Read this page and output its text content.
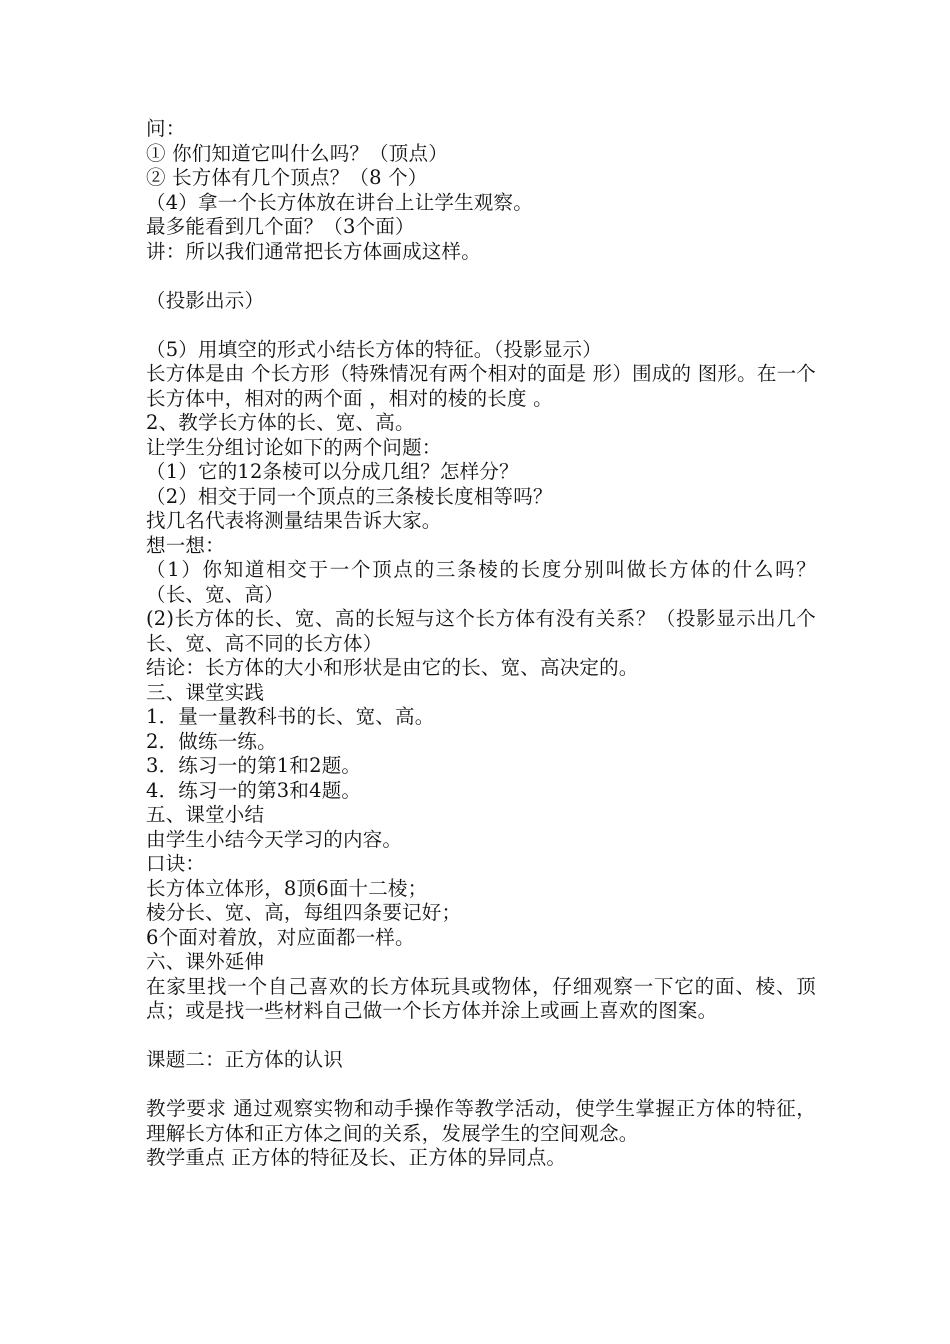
问：
① 你们知道它叫什么吗？（顶点）
② 长方体有几个顶点？（8 个）
（4）拿一个长方体放在讲台上让学生观察。
最多能看到几个面？（3个面）
讲：所以我们通常把长方体画成这样。
（投影出示）
（5）用填空的形式小结长方体的特征。（投影显示）
长方体是由 个长方形（特殊情况有两个相对的面是 形）围成的 图形。在一个长方体中，相对的两个面 ，相对的棱的长度 。
2、教学长方体的长、宽、高。
让学生分组讨论如下的两个问题：
（1）它的12条棱可以分成几组？怎样分？
（2）相交于同一个顶点的三条棱长度相等吗？
找几名代表将测量结果告诉大家。
想一想：
（1）你知道相交于一个顶点的三条棱的长度分别叫做长方体的什么吗？（长、宽、高）
(2)长方体的长、宽、高的长短与这个长方体有没有关系？（投影显示出几个长、宽、高不同的长方体）
结论：长方体的大小和形状是由它的长、宽、高决定的。
三、课堂实践
1．量一量教科书的长、宽、高。
2．做练一练。
3．练习一的第1和2题。
4．练习一的第3和4题。
五、课堂小结
由学生小结今天学习的内容。
口诀：
长方体立体形，8顶6面十二棱；
棱分长、宽、高，每组四条要记好；
6个面对着放，对应面都一样。
六、课外延伸
在家里找一个自己喜欢的长方体玩具或物体，仔细观察一下它的面、棱、顶点；或是找一些材料自己做一个长方体并涂上或画上喜欢的图案。
课题二：正方体的认识
教学要求 通过观察实物和动手操作等教学活动，使学生掌握正方体的特征，理解长方体和正方体之间的关系，发展学生的空间观念。
教学重点 正方体的特征及长、正方体的异同点。
